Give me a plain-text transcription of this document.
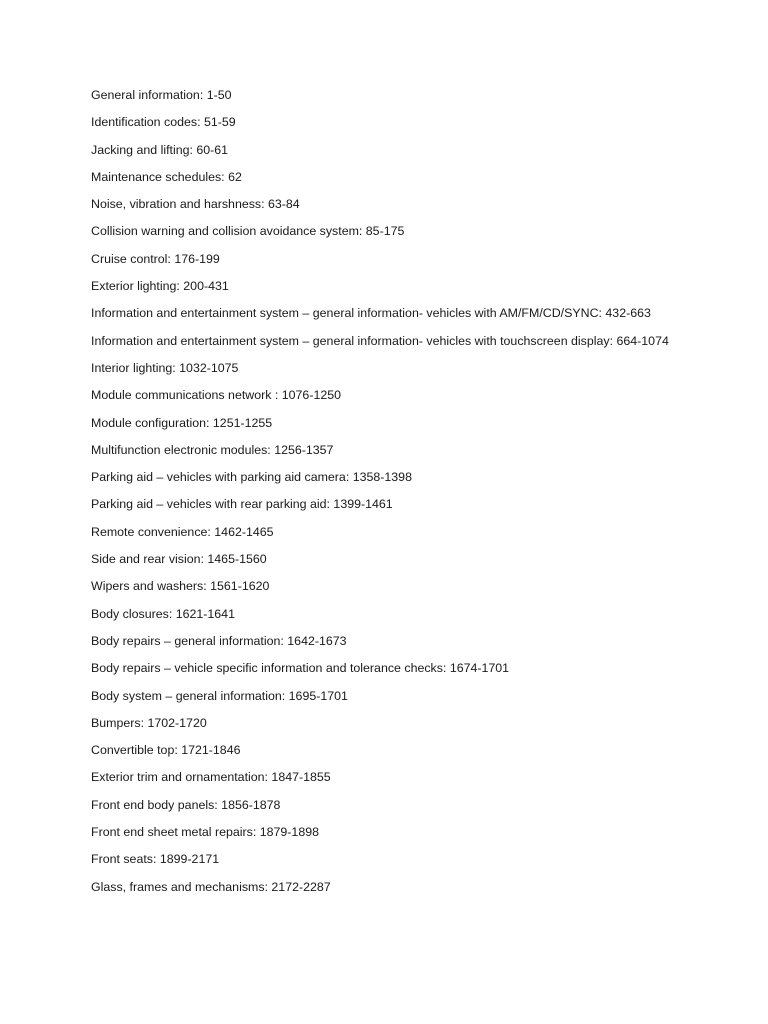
General information: 1-50
Identification codes: 51-59
Jacking and lifting: 60-61
Maintenance schedules: 62
Noise, vibration and harshness: 63-84
Collision warning and collision avoidance system: 85-175
Cruise control: 176-199
Exterior lighting: 200-431
Information and entertainment system – general information- vehicles with AM/FM/CD/SYNC: 432-663
Information and entertainment system – general information- vehicles with touchscreen display: 664-1074
Interior lighting: 1032-1075
Module communications network : 1076-1250
Module configuration: 1251-1255
Multifunction electronic modules: 1256-1357
Parking aid – vehicles with parking aid camera: 1358-1398
Parking aid – vehicles with rear parking aid: 1399-1461
Remote convenience: 1462-1465
Side and rear vision: 1465-1560
Wipers and washers: 1561-1620
Body closures: 1621-1641
Body repairs – general information: 1642-1673
Body repairs – vehicle specific information and tolerance checks: 1674-1701
Body system – general information: 1695-1701
Bumpers: 1702-1720
Convertible top: 1721-1846
Exterior trim and ornamentation: 1847-1855
Front end body panels: 1856-1878
Front end sheet metal repairs: 1879-1898
Front seats: 1899-2171
Glass, frames and mechanisms: 2172-2287
